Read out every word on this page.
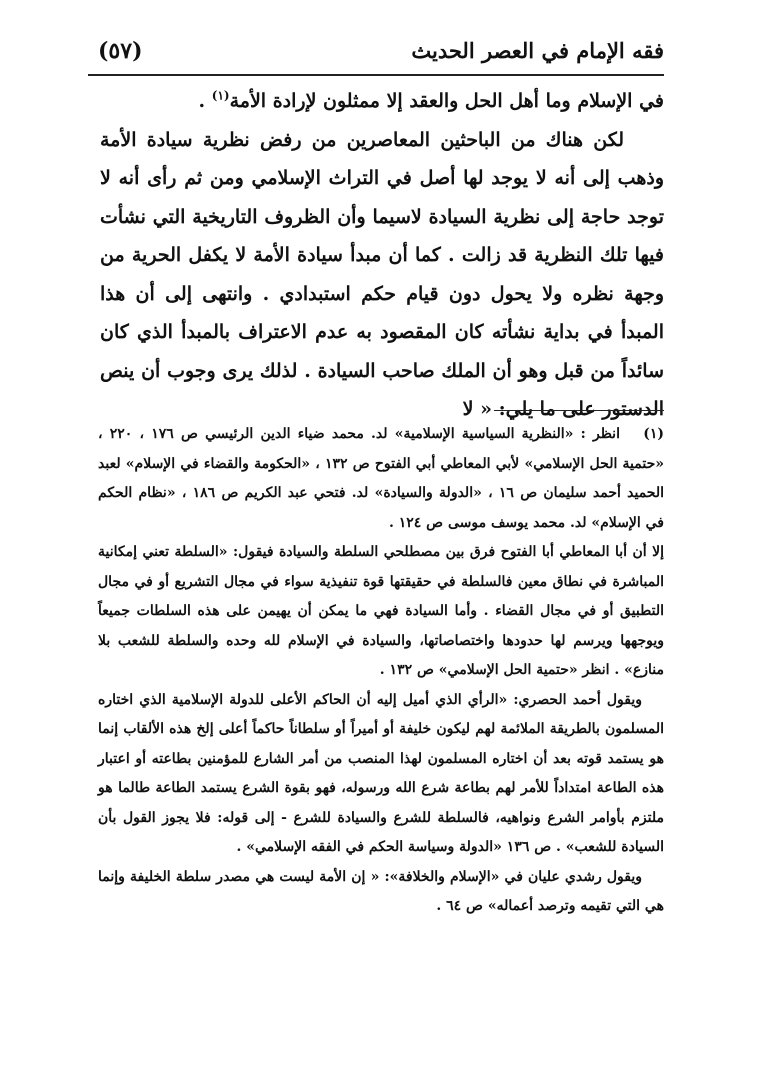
(٥٧)	فقه الإمام في العصر الحديث

في الإسلام وما أهل الحل والعقد إلا ممثلون لإرادة الأمة$^{(١)}$ .

لكن هناك من الباحثين المعاصرين من رفض نظرية سيادة الأمة وذهب إلى أنه لا يوجد لها أصل في التراث الإسلامي ومن ثم رأى أنه لا توجد حاجة إلى نظرية السيادة لاسيما وأن الظروف التاريخية التي نشأت فيها تلك النظرية قد زالت . كما أن مبدأ سيادة الأمة لا يكفل الحرية من وجهة نظره ولا يحول دون قيام حكم استبدادي . وانتهى إلى أن هذا المبدأ في بداية نشأته كان المقصود به عدم الاعتراف بالمبدأ الذي كان سائداً من قبل وهو أن الملك صاحب السيادة . لذلك يرى وجوب أن ينص الدستور على ما يلي: « لا

(١)انظر : «النظرية السياسية الإسلامية» لد. محمد ضياء الدين الرئيسي ص ١٧٦ ، ٢٢٠ ، «حتمية الحل الإسلامي» لأبي المعاطي أبي الفتوح ص ١٣٢ ، «الحكومة والقضاء في الإسلام» لعبد الحميد أحمد سليمان ص ١٦ ، «الدولة والسيادة» لد. فتحي عبد الكريم ص ١٨٦ ، «نظام الحكم في الإسلام» لد. محمد يوسف موسى ص ١٢٤ .

إلا أن أبا المعاطي أبا الفتوح فرق بين مصطلحي السلطة والسيادة فيقول: «السلطة تعني إمكانية المباشرة في نطاق معين فالسلطة في حقيقتها قوة تنفيذية سواء في مجال التشريع أو في مجال التطبيق أو في مجال القضاء . وأما السيادة فهي ما يمكن أن يهيمن على هذه السلطات جميعاً ويوجهها ويرسم لها حدودها واختصاصاتها، والسيادة في الإسلام لله وحده والسلطة للشعب بلا منازع» . انظر «حتمية الحل الإسلامي» ص ١٣٢ .

ويقول أحمد الحصري: «الرأي الذي أميل إليه أن الحاكم الأعلى للدولة الإسلامية الذي اختاره المسلمون بالطريقة الملائمة لهم ليكون خليفة أو أميراً أو سلطاناً حاكماً أعلى إلخ هذه الألقاب إنما هو يستمد قوته بعد أن اختاره المسلمون لهذا المنصب من أمر الشارع للمؤمنين بطاعته أو اعتبار هذه الطاعة امتداداً للأمر لهم بطاعة شرع الله ورسوله، فهو بقوة الشرع يستمد الطاعة طالما هو ملتزم بأوامر الشرع ونواهيه، فالسلطة للشرع والسيادة للشرع - إلى قوله: فلا يجوز القول بأن السيادة للشعب» . ص ١٣٦ «الدولة وسياسة الحكم في الفقه الإسلامي» .

ويقول رشدي عليان في «الإسلام والخلافة»: « إن الأمة ليست هي مصدر سلطة الخليفة وإنما هي التي تقيمه وترصد أعماله» ص ٦٤ .
